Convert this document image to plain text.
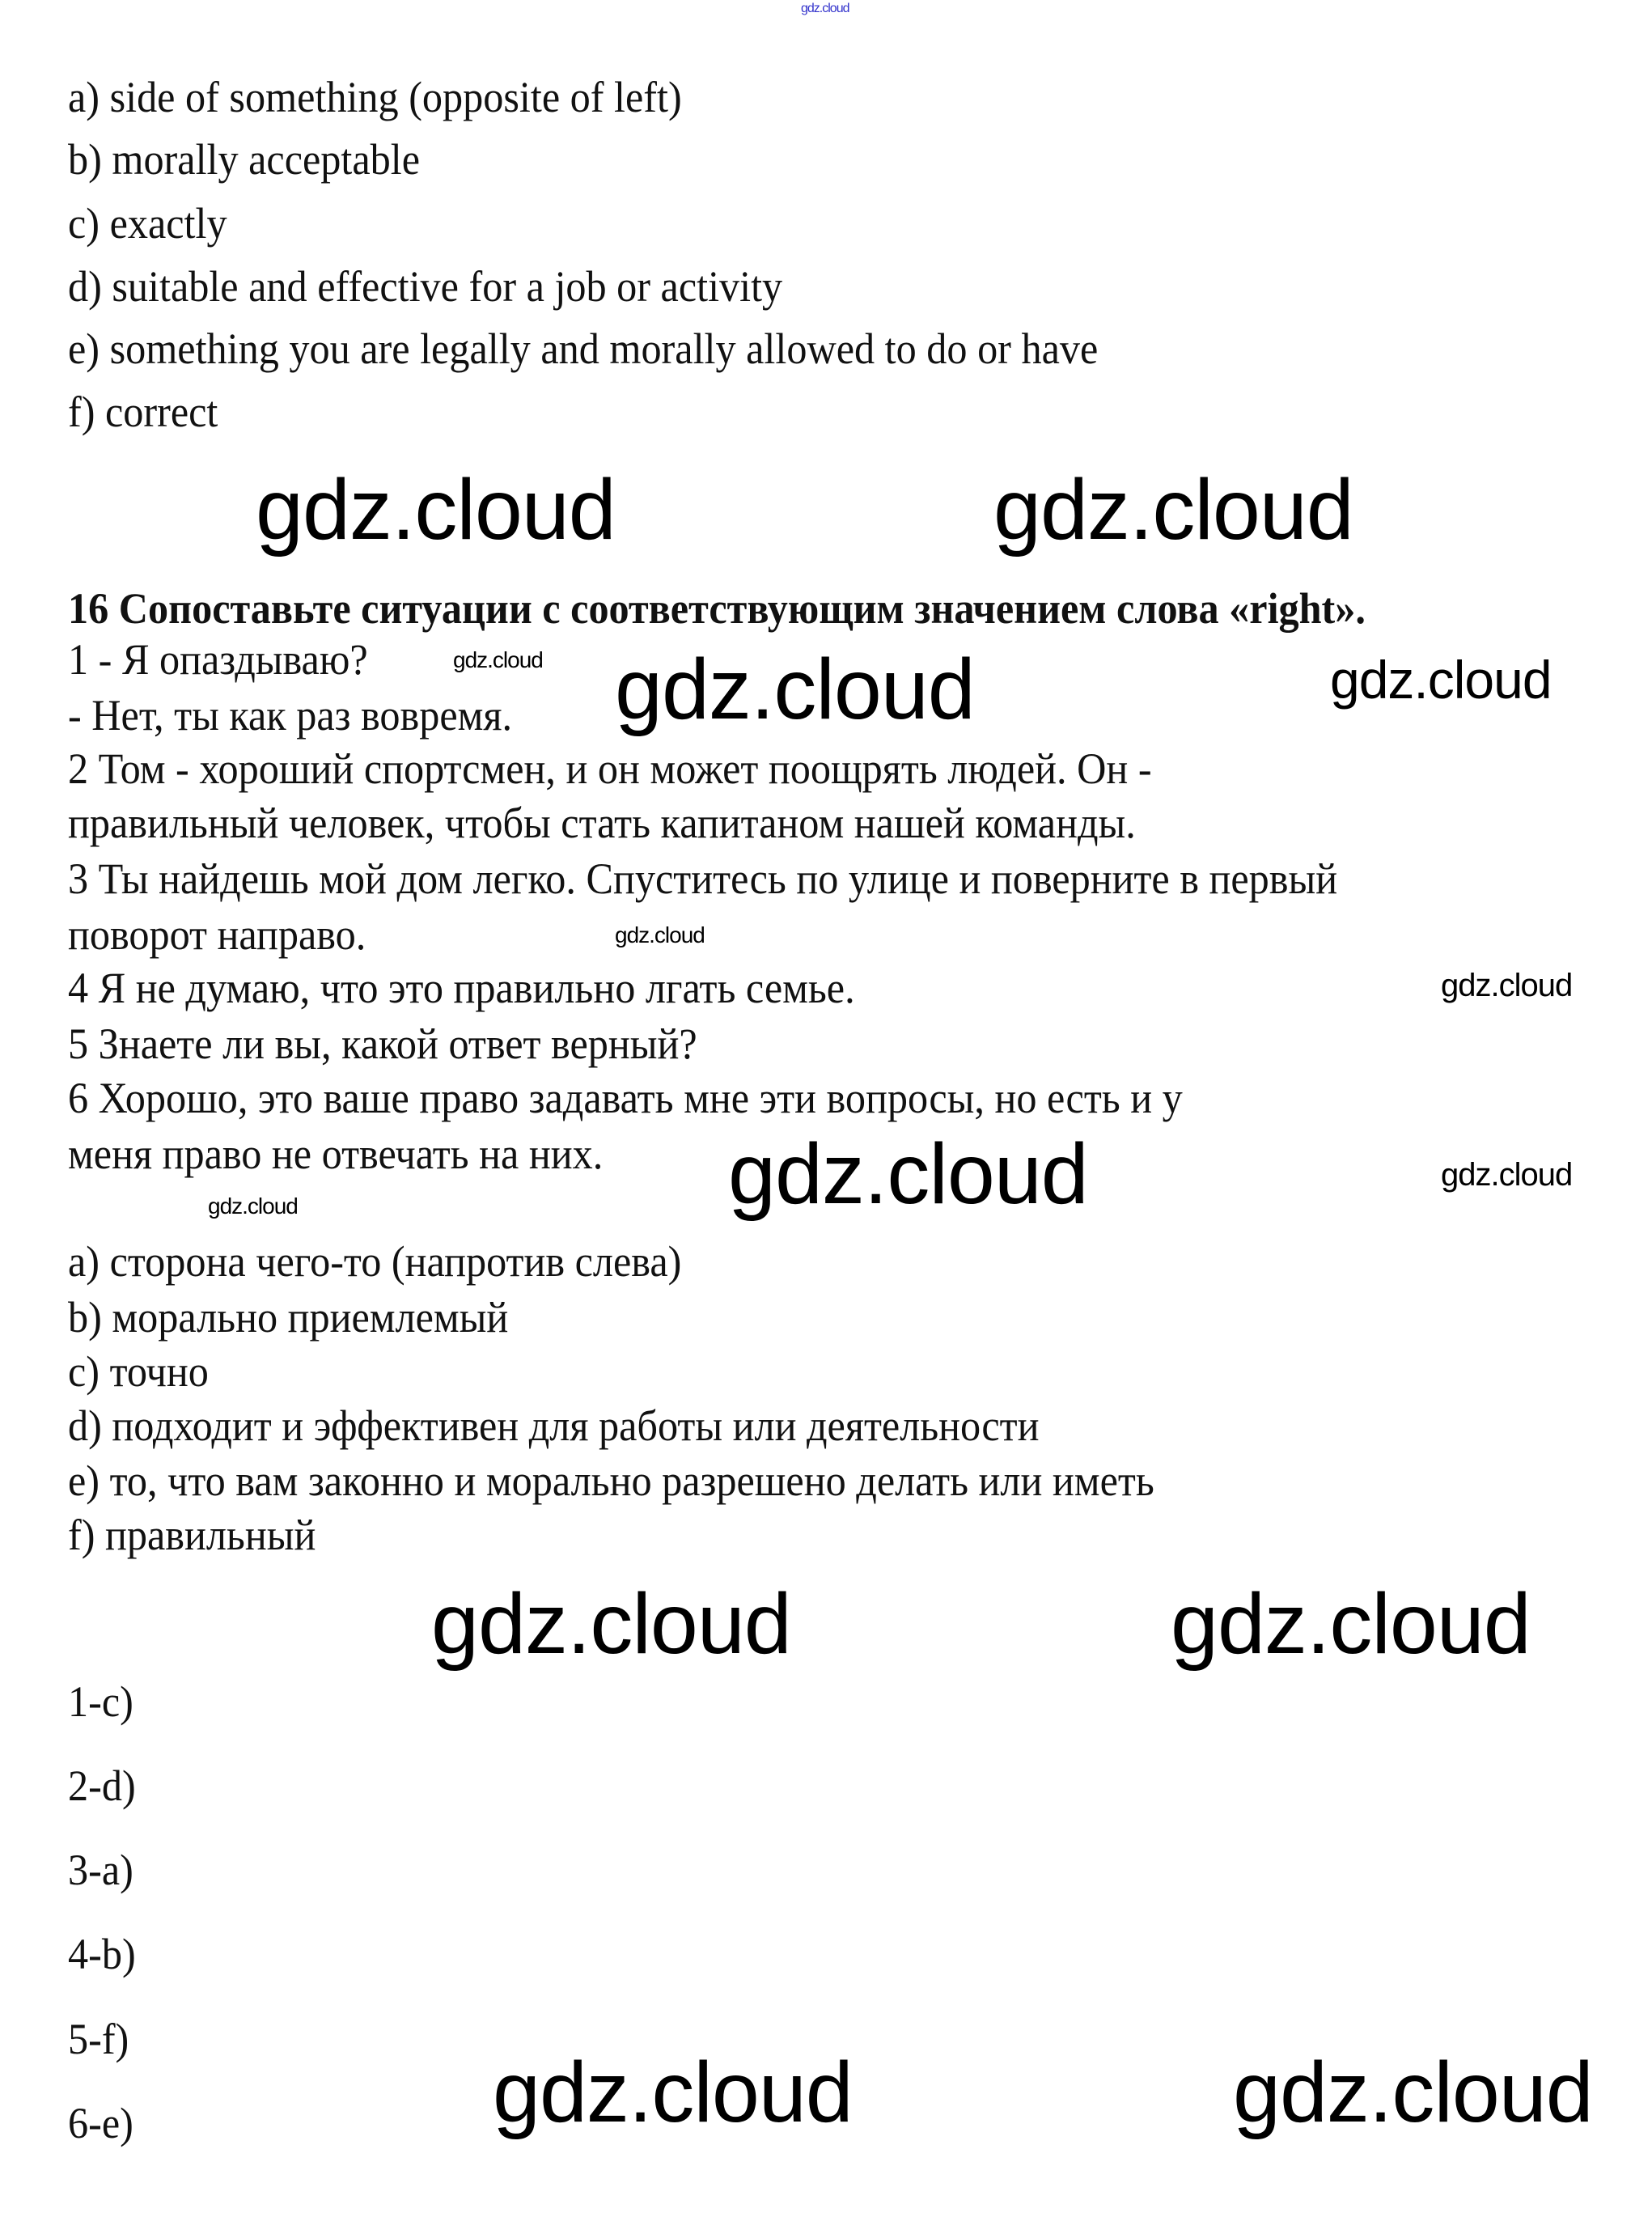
gdz.cloud
a) side of something (opposite of left)
b) morally acceptable
c) exactly
d) suitable and effective for a job or activity
e) something you are legally and morally allowed to do or have
f) correct
16 Сопоставьте ситуации с соответствующим значением слова «right».
1 - Я опаздываю?
- Нет, ты как раз вовремя.
2 Том - хороший спортсмен, и он может поощрять людей. Он -
правильный человек, чтобы стать капитаном нашей команды.
3 Ты найдешь мой дом легко. Спуститесь по улице и поверните в первый
поворот направо.
4 Я не думаю, что это правильно лгать семье.
5 Знаете ли вы, какой ответ верный?
6 Хорошо, это ваше право задавать мне эти вопросы, но есть и у
меня право не отвечать на них.
a) сторона чего-то (напротив слева)
b) морально приемлемый
c) точно
d) подходит и эффективен для работы или деятельности
e) то, что вам законно и морально разрешено делать или иметь
f) правильный
1-c)
2-d)
3-a)
4-b)
5-f)
6-e)
gdz.cloud	gdz.cloud
gdz.cloud
gdz.cloud
gdz.cloud	gdz.cloud
gdz.cloud	gdz.cloud
gdz.cloud
gdz.cloud
gdz.cloud
gdz.cloud
gdz.cloud
gdz.cloud
